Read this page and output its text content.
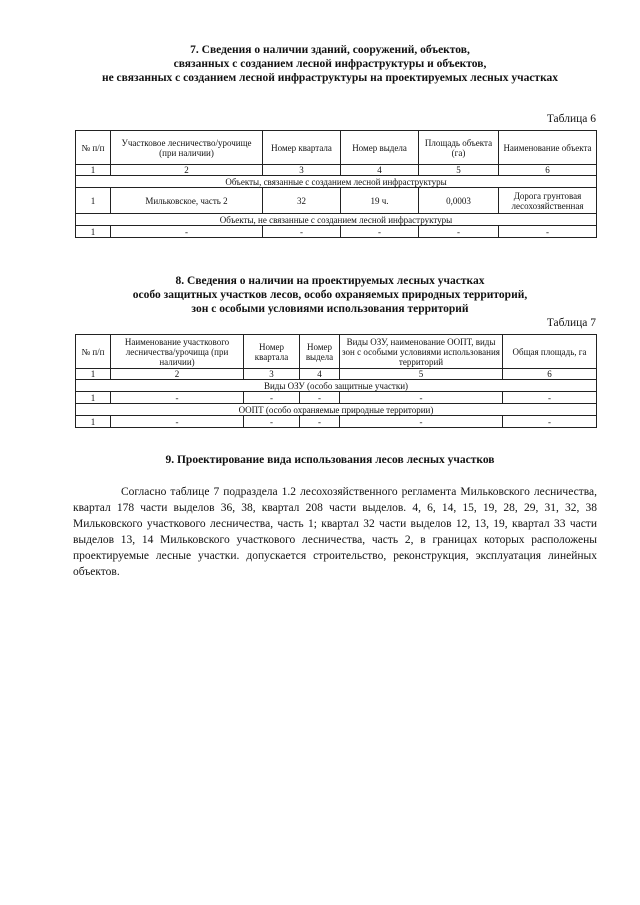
7. Сведения о наличии зданий, сооружений, объектов,
связанных с созданием лесной инфраструктуры и объектов,
не связанных с созданием лесной инфраструктуры на проектируемых лесных участках
Таблица 6
№ п/п	Участковое лесничество/урочище (при наличии)	Номер квартала	Номер выдела	Площадь объекта (га)	Наименование объекта
1	2	3	4	5	6
Объекты, связанные с созданием лесной инфраструктуры					
1	Мильковское, часть 2	32	19 ч.	0,0003	Дорога грунтовая лесохозяйственная
Объекты, не связанные с созданием лесной инфраструктуры					
1	-	-	-	-	-
8. Сведения о наличии на проектируемых лесных участках
особо защитных участков лесов, особо охраняемых природных территорий,
зон с особыми условиями использования территорий
Таблица 7
№ п/п	Наименование участкового лесничества/урочища (при наличии)	Номер квартала	Номер выдела	Виды ОЗУ, наименование ООПТ, виды зон с особыми условиями использования территорий	Общая площадь, га
1	2	3	4	5	6
Виды ОЗУ (особо защитные участки)					
1	-	-	-	-	-
ООПТ (особо охраняемые природные территории)					
1	-	-	-	-	-
9. Проектирование вида использования лесов лесных участков
Согласно таблице 7 подраздела 1.2 лесохозяйственного регламента Мильковского лесничества, квартал 178 части выделов 36, 38, квартал 208 части выделов. 4, 6, 14, 15, 19, 28, 29, 31, 32, 38 Мильковского участкового лесничества, часть 1; квартал 32 части выделов 12, 13, 19, квартал 33 части выделов 13, 14 Мильковского участкового лесничества, часть 2, в границах которых расположены проектируемые лесные участки. допускается строительство, реконструкция, эксплуатация линейных объектов.
